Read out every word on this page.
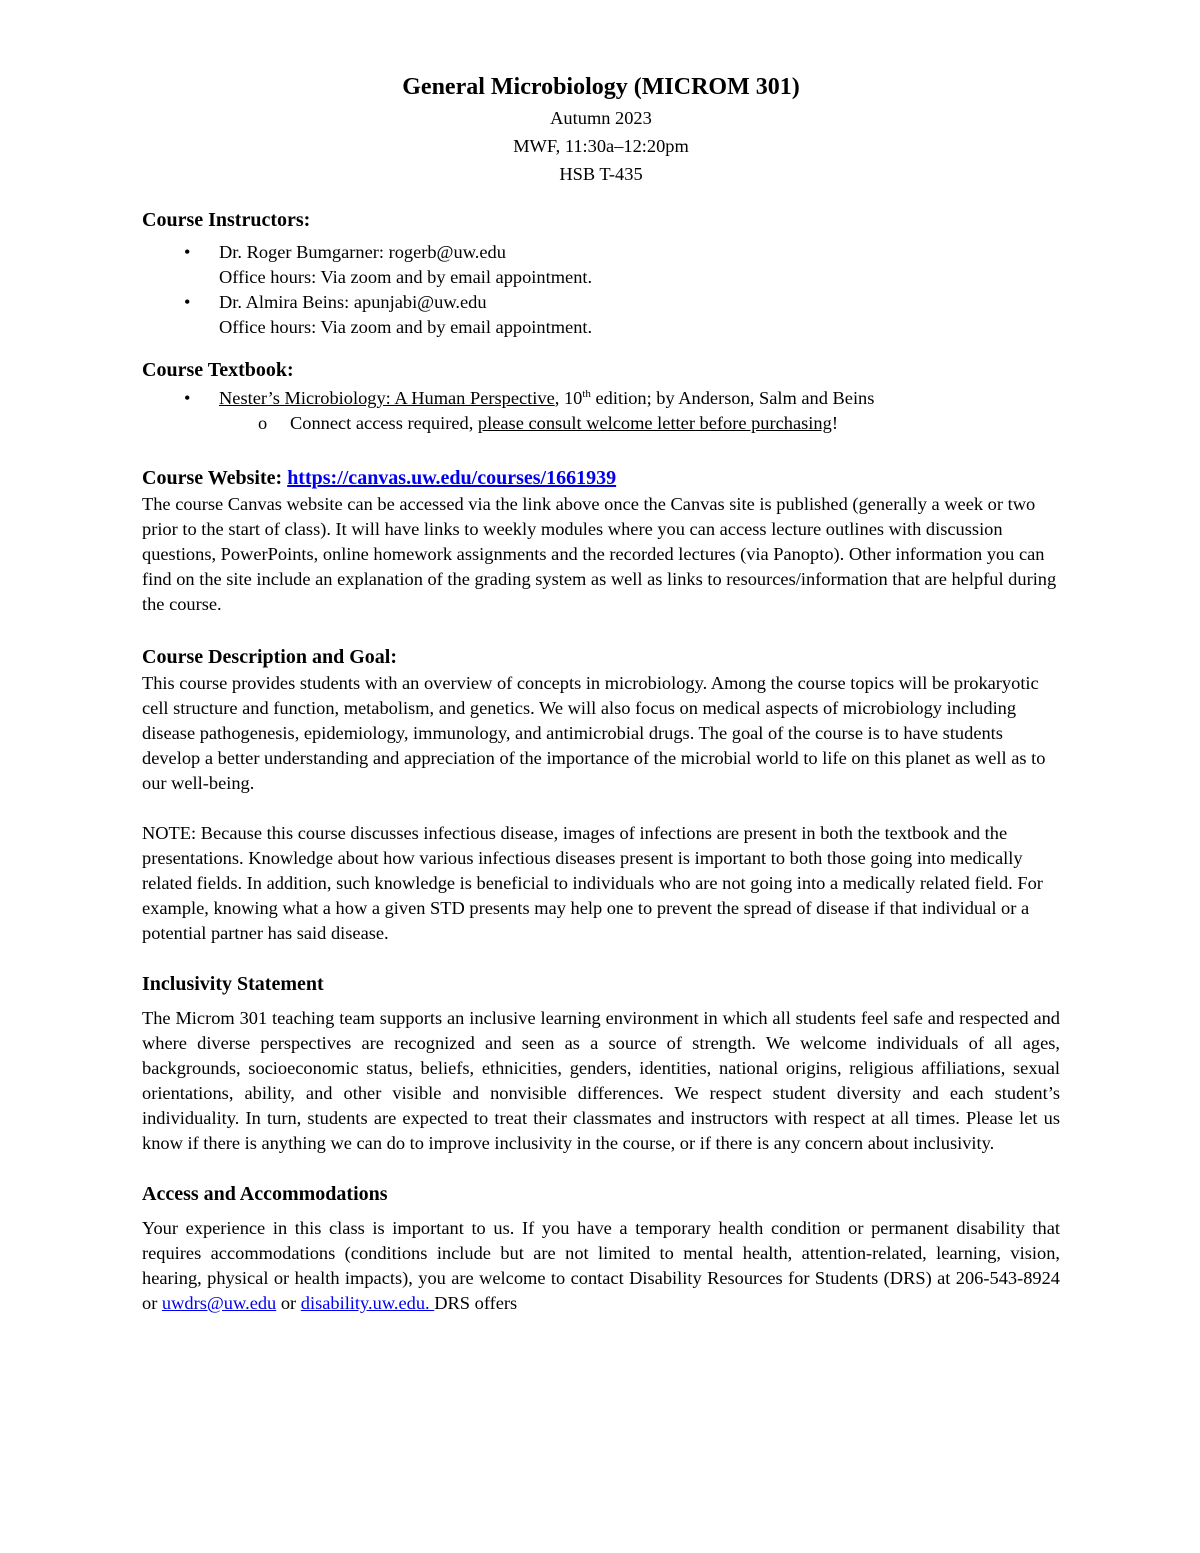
General Microbiology (MICROM 301)

Autumn 2023

MWF, 11:30a–12:20pm

HSB T-435

Course Instructors:
• Dr. Roger Bumgarner: rogerb@uw.edu
Office hours: Via zoom and by email appointment.
• Dr. Almira Beins: apunjabi@uw.edu
Office hours: Via zoom and by email appointment.
Course Textbook:
• Nester’s Microbiology: A Human Perspective, 10th edition; by Anderson, Salm and Beins
o Connect access required, please consult welcome letter before purchasing!
Course Website: https://canvas.uw.edu/courses/1661939

The course Canvas website can be accessed via the link above once the Canvas site is published (generally a week or two prior to the start of class). It will have links to weekly modules where you can access lecture outlines with discussion questions, PowerPoints, online homework assignments and the recorded lectures (via Panopto). Other information you can find on the site include an explanation of the grading system as well as links to resources/information that are helpful during the course.

Course Description and Goal:

This course provides students with an overview of concepts in microbiology. Among the course topics will be prokaryotic cell structure and function, metabolism, and genetics. We will also focus on medical aspects of microbiology including disease pathogenesis, epidemiology, immunology, and antimicrobial drugs. The goal of the course is to have students develop a better understanding and appreciation of the importance of the microbial world to life on this planet as well as to our well-being.

NOTE: Because this course discusses infectious disease, images of infections are present in both the textbook and the presentations. Knowledge about how various infectious diseases present is important to both those going into medically related fields. In addition, such knowledge is beneficial to individuals who are not going into a medically related field. For example, knowing what a how a given STD presents may help one to prevent the spread of disease if that individual or a potential partner has said disease.

Inclusivity Statement

The Microm 301 teaching team supports an inclusive learning environment in which all students feel safe and respected and where diverse perspectives are recognized and seen as a source of strength. We welcome individuals of all ages, backgrounds, socioeconomic status, beliefs, ethnicities, genders, identities, national origins, religious affiliations, sexual orientations, ability, and other visible and nonvisible differences. We respect student diversity and each student’s individuality. In turn, students are expected to treat their classmates and instructors with respect at all times. Please let us know if there is anything we can do to improve inclusivity in the course, or if there is any concern about inclusivity.

Access and Accommodations

Your experience in this class is important to us. If you have a temporary health condition or permanent disability that requires accommodations (conditions include but are not limited to mental health, attention-related, learning, vision, hearing, physical or health impacts), you are welcome to contact Disability Resources for Students (DRS) at 206-543-8924 or uwdrs@uw.edu or disability.uw.edu. DRS offers
